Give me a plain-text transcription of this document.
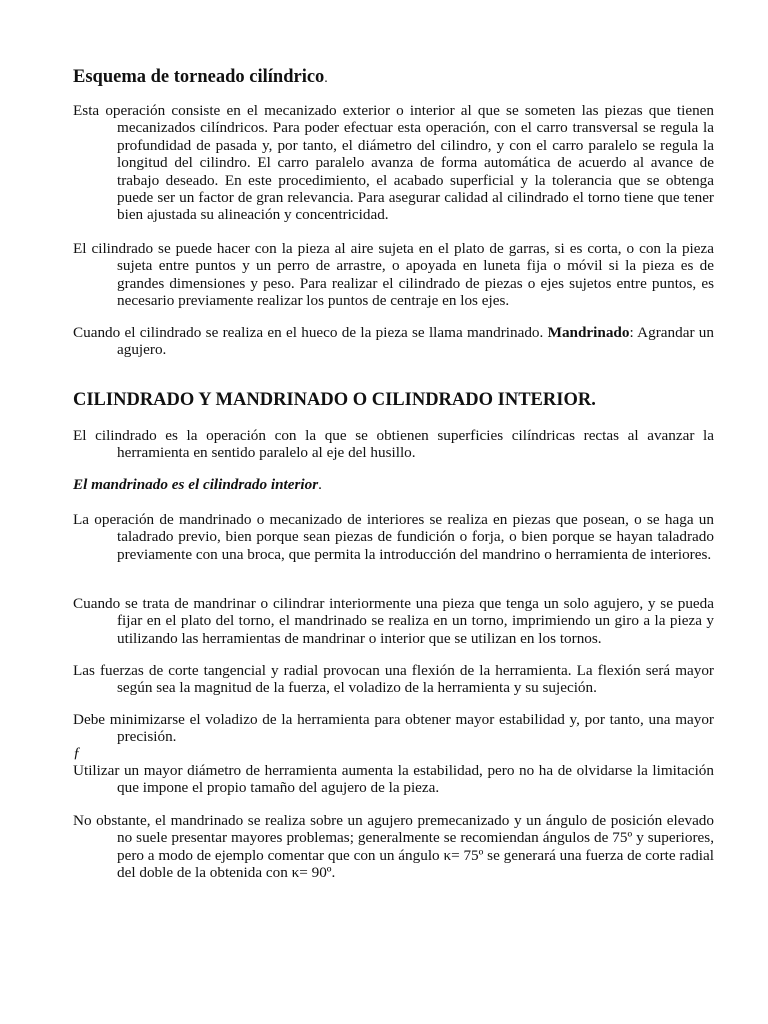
Esquema de torneado cilíndrico.

Esta operación consiste en el mecanizado exterior o interior al que se someten las piezas que tienen mecanizados cilíndricos. Para poder efectuar esta operación, con el carro transversal se regula la profundidad de pasada y, por tanto, el diámetro del cilindro, y con el carro paralelo se regula la longitud del cilindro. El carro paralelo avanza de forma automática de acuerdo al avance de trabajo deseado. En este procedimiento, el acabado superficial y la tolerancia que se obtenga puede ser un factor de gran relevancia. Para asegurar calidad al cilindrado el torno tiene que tener bien ajustada su alineación y concentricidad.

El cilindrado se puede hacer con la pieza al aire sujeta en el plato de garras, si es corta, o con la pieza sujeta entre puntos y un perro de arrastre, o apoyada en luneta fija o móvil si la pieza es de grandes dimensiones y peso. Para realizar el cilindrado de piezas o ejes sujetos entre puntos, es necesario previamente realizar los puntos de centraje en los ejes.

Cuando el cilindrado se realiza en el hueco de la pieza se llama mandrinado. Mandrinado: Agrandar un agujero.

CILINDRADO Y MANDRINADO O CILINDRADO INTERIOR.

El cilindrado es la operación con la que se obtienen superficies cilíndricas rectas al avanzar la herramienta en sentido paralelo al eje del husillo.

El mandrinado es el cilindrado interior.

La operación de mandrinado o mecanizado de interiores se realiza en piezas que posean, o se haga un taladrado previo, bien porque sean piezas de fundición o forja, o bien porque se hayan taladrado previamente con una broca, que permita la introducción del mandrino o herramienta de interiores.

Cuando se trata de mandrinar o cilindrar interiormente una pieza que tenga un solo agujero, y se pueda fijar en el plato del torno, el mandrinado se realiza en un torno, imprimiendo un giro a la pieza y utilizando las herramientas de mandrinar o interior que se utilizan en los tornos.

Las fuerzas de corte tangencial y radial provocan una flexión de la herramienta. La flexión será mayor según sea la magnitud de la fuerza, el voladizo de la herramienta y su sujeción.

Debe minimizarse el voladizo de la herramienta para obtener mayor estabilidad y, por tanto, una mayor precisión.

ƒ

Utilizar un mayor diámetro de herramienta aumenta la estabilidad, pero no ha de olvidarse la limitación que impone el propio tamaño del agujero de la pieza.

No obstante, el mandrinado se realiza sobre un agujero premecanizado y un ángulo de posición elevado no suele presentar mayores problemas; generalmente se recomiendan ángulos de 75º y superiores, pero a modo de ejemplo comentar que con un ángulo κ= 75º se generará una fuerza de corte radial del doble de la obtenida con κ= 90º.
